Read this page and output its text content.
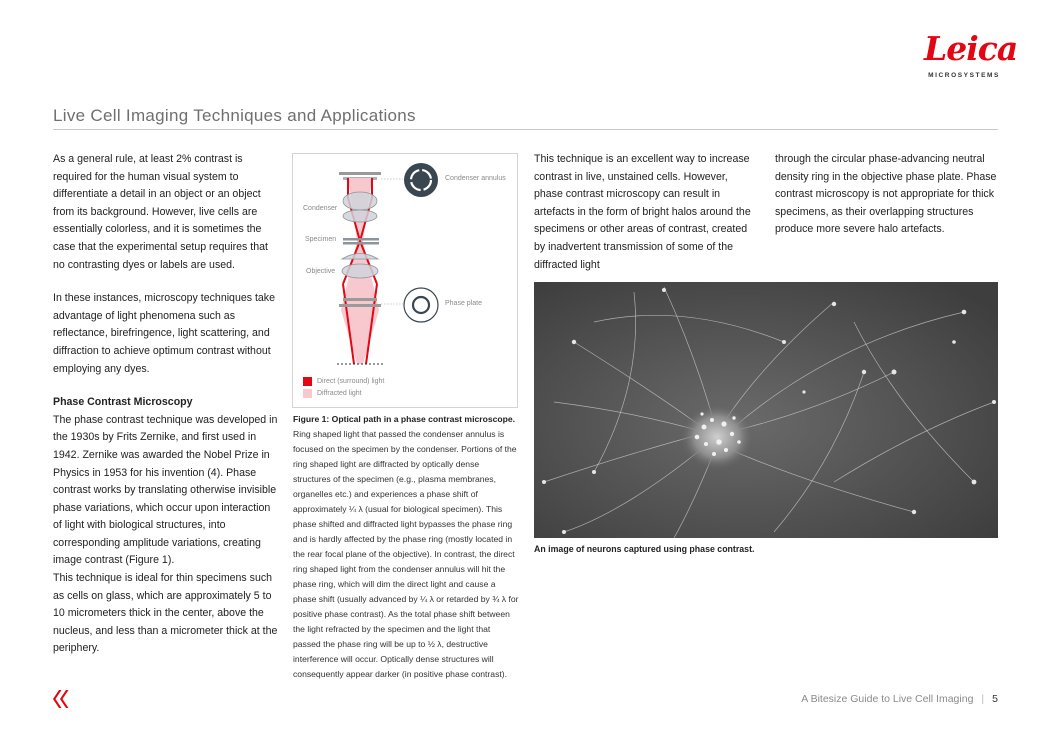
Leica
MICROSYSTEMS
Live Cell Imaging Techniques and Applications

As a general rule, at least 2% contrast is required for the human visual system to differentiate a detail in an object or an object from its background. However, live cells are essentially colorless, and it is sometimes the case that the experimental setup requires that no contrasting dyes or labels are used.

In these instances, microscopy techniques take advantage of light phenomena such as reflectance, birefringence, light scattering, and diffraction to achieve optimum contrast without employing any dyes.

Phase Contrast Microscopy

The phase contrast technique was developed in the 1930s by Frits Zernike, and first used in 1942. Zernike was awarded the Nobel Prize in Physics in 1953 for his invention (4). Phase contrast works by translating otherwise invisible phase variations, which occur upon interaction of light with biological structures, into corresponding amplitude variations, creating image contrast (Figure 1).

This technique is ideal for thin specimens such as cells on glass, which are approximately 5 to 10 micrometers thick in the center, above the nucleus, and less than a micrometer thick at the periphery.

Condenser annulus
Condenser
Specimen
Objective
Phase plate
Direct (surround) light
Diffracted light
Figure 1: Optical path in a phase contrast microscope. Ring shaped light that passed the condenser annulus is focused on the specimen by the condenser. Portions of the ring shaped light are diffracted by optically dense structures of the specimen (e.g., plasma membranes, organelles etc.) and experiences a phase shift of approximately ¼ λ (usual for biological specimen). This phase shifted and diffracted light bypasses the phase ring and is hardly affected by the phase ring (mostly located in the rear focal plane of the objective). In contrast, the direct ring shaped light from the condenser annulus will hit the phase ring, which will dim the direct light and cause a phase shift (usually advanced by ¼ λ or retarded by ¾ λ for positive phase contrast). As the total phase shift between the light refracted by the specimen and the light that passed the phase ring will be up to ½ λ, destructive interference will occur. Optically dense structures will consequently appear darker (in positive phase contrast).
This technique is an excellent way to increase contrast in live, unstained cells. However, phase contrast microscopy can result in artefacts in the form of bright halos around the specimens or other areas of contrast, created by inadvertent transmission of some of the diffracted light
through the circular phase-advancing neutral density ring in the objective phase plate. Phase contrast microscopy is not appropriate for thick specimens, as their overlapping structures produce more severe halo artefacts.
An image of neurons captured using phase contrast.
A Bitesize Guide to Live Cell Imaging | 5
